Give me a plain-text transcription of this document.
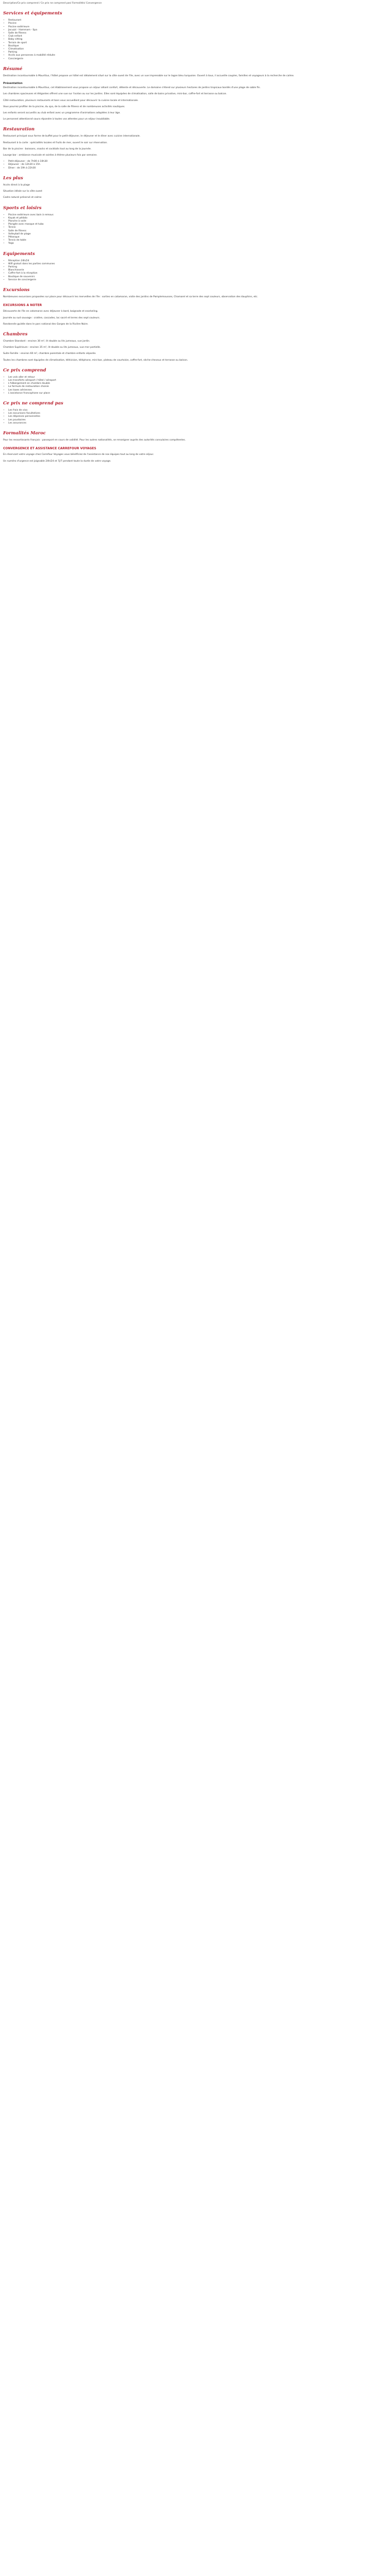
Description/Ce prix comprend / Ce prix ne comprend pas/ Formalités/ Convergence
Services et équipements
• Restaurant
• Piscine
• Piscine extérieure
• Jacuzzi - Hammam - Spa
• Salle de fitness
• Club enfant
• Baby sitting
• Terrain de sport
• Boutique
• Climatisation
• Parking
• Accès aux personnes à mobilité réduite
• Conciergerie
Résumé

Destination incontournable à Mauritius, l'hôtel propose un hôtel est idéalement situé sur la côte ouest de l'île, avec un vue imprenable sur le lagon bleu turquoise. Ouvert à tous, il accueille couples, familles et voyageurs à la recherche de calme.

Présentation

Destination incontournable à Mauritius, cet établissement vous propose un séjour alliant confort, détente et découverte. Le domaine s'étend sur plusieurs hectares de jardins tropicaux bordés d'une plage de sable fin.

Les chambres spacieuses et élégantes offrent une vue sur l'océan ou sur les jardins. Elles sont équipées de climatisation, salle de bains privative, mini-bar, coffre-fort et terrasse ou balcon.

Côté restauration, plusieurs restaurants et bars vous accueillent pour découvrir la cuisine locale et internationale.

Vous pourrez profiter de la piscine, du spa, de la salle de fitness et de nombreuses activités nautiques.

Les enfants seront accueillis au club enfant avec un programme d'animations adaptées à leur âge.

Le personnel attentionné saura répondre à toutes vos attentes pour un séjour inoubliable.

Restauration

Restaurant principal sous forme de buffet pour le petit-déjeuner, le déjeuner et le dîner avec cuisine internationale.

Restaurant à la carte : spécialités locales et fruits de mer, ouvert le soir sur réservation.

Bar de la piscine : boissons, snacks et cocktails tout au long de la journée.

Lounge bar : ambiance musicale et soirées à thème plusieurs fois par semaine.

• Petit-déjeuner : de 7h00 à 10h30
• Déjeuner : de 12h30 à 15h
• Dîner : de 19h à 22h30
Les plus

Accès direct à la plage

Situation idéale sur la côte ouest

Cadre naturel préservé et calme

Sports et loisirs
• Piscine extérieure avec bain à remous
• Kayak et pédalo
• Planche à voile
• Plongée avec masque et tuba
• Tennis
• Salle de fitness
• Volleyball de plage
• Pétanque
• Tennis de table
• Yoga
Equipements
• Réception 24h/24
• Wifi gratuit dans les parties communes
• Parking
• Blanchisserie
• Coffre-fort à la réception
• Boutique de souvenirs
• Service de conciergerie
Excursions

Nombreuses excursions proposées sur place pour découvrir les merveilles de l'île : sorties en catamaran, visite des jardins de Pamplemousses, Chamarel et sa terre des sept couleurs, observation des dauphins, etc.

EXCURSIONS A NOTER

Découverte de l'île en catamaran avec déjeuner à bord, baignade et snorkeling.

Journée au sud sauvage : cratère, cascades, lac sacré et terres des sept couleurs.

Randonnée guidée dans le parc national des Gorges de la Rivière Noire.

Chambres

Chambre Standard : environ 30 m², lit double ou lits jumeaux, vue jardin.

Chambre Supérieure : environ 35 m², lit double ou lits jumeaux, vue mer partielle.

Suite Famille : environ 60 m², chambre parentale et chambre enfants séparée.

Toutes les chambres sont équipées de climatisation, télévision, téléphone, mini-bar, plateau de courtoisie, coffre-fort, sèche-cheveux et terrasse ou balcon.

Ce prix comprend
• Les vols aller et retour
• Les transferts aéroport / hôtel / aéroport
• L'hébergement en chambre double
• La formule de restauration choisie
• Les taxes aériennes
• L'assistance francophone sur place
Ce prix ne comprend pas
• Les frais de visa
• Les excursions facultatives
• Les dépenses personnelles
• Les pourboires
• Les assurances
Formalités Maroc

Pour les ressortissants français : passeport en cours de validité. Pour les autres nationalités, se renseigner auprès des autorités consulaires compétentes.

CONVERGENCE ET ASSISTANCE CARREFOUR VOYAGES

En réservant votre voyage chez Carrefour Voyages vous bénéficiez de l'assistance de nos équipes tout au long de votre séjour.

Un numéro d'urgence est joignable 24h/24 et 7j/7 pendant toute la durée de votre voyage.
